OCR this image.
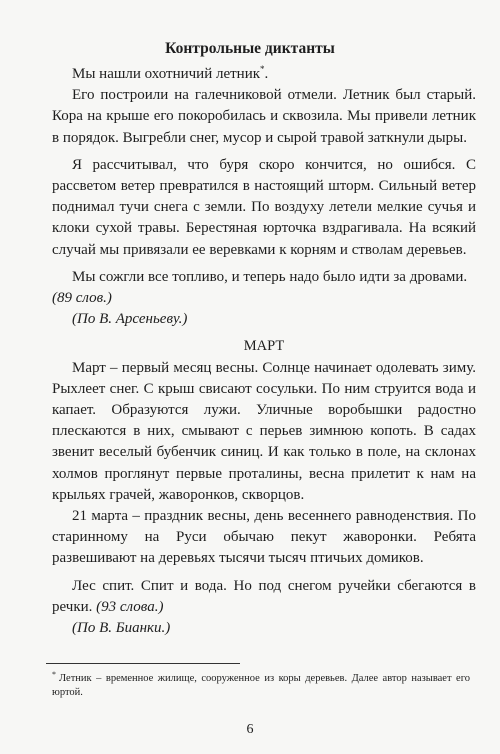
Контрольные диктанты

Мы нашли охотничий летник*.

Его построили на галечниковой отмели. Летник был старый. Кора на крыше его покоробилась и сквозила. Мы привели летник в порядок. Выгребли снег, мусор и сырой травой заткнули дыры.

Я рассчитывал, что буря скоро кончится, но ошибся. С рассветом ветер превратился в настоящий шторм. Сильный ветер поднимал тучи снега с земли. По воздуху летели мелкие сучья и клоки сухой травы. Берестяная юрточка вздрагивала. На всякий случай мы привязали ее веревками к корням и стволам деревьев.

Мы сожгли все топливо, и теперь надо было идти за дровами.

(89 слов.)

(По В. Арсеньеву.)

МАРТ

Март – первый месяц весны. Солнце начинает одолевать зиму. Рыхлеет снег. С крыш свисают сосульки. По ним струится вода и капает. Образуются лужи. Уличные воробышки радостно плескаются в них, смывают с перьев зимнюю копоть. В садах звенит веселый бубенчик синиц. И как только в поле, на склонах холмов проглянут первые проталины, весна прилетит к нам на крыльях грачей, жаворонков, скворцов.

21 марта – праздник весны, день весеннего равноденствия. По старинному на Руси обычаю пекут жаворонки. Ребята развешивают на деревьях тысячи тысяч птичьих домиков.

Лес спит. Спит и вода. Но под снегом ручейки сбегаются в речки. (93 слова.)

(По В. Бианки.)

* Летник – временное жилище, сооруженное из коры деревьев. Далее автор называет его юртой.
6
